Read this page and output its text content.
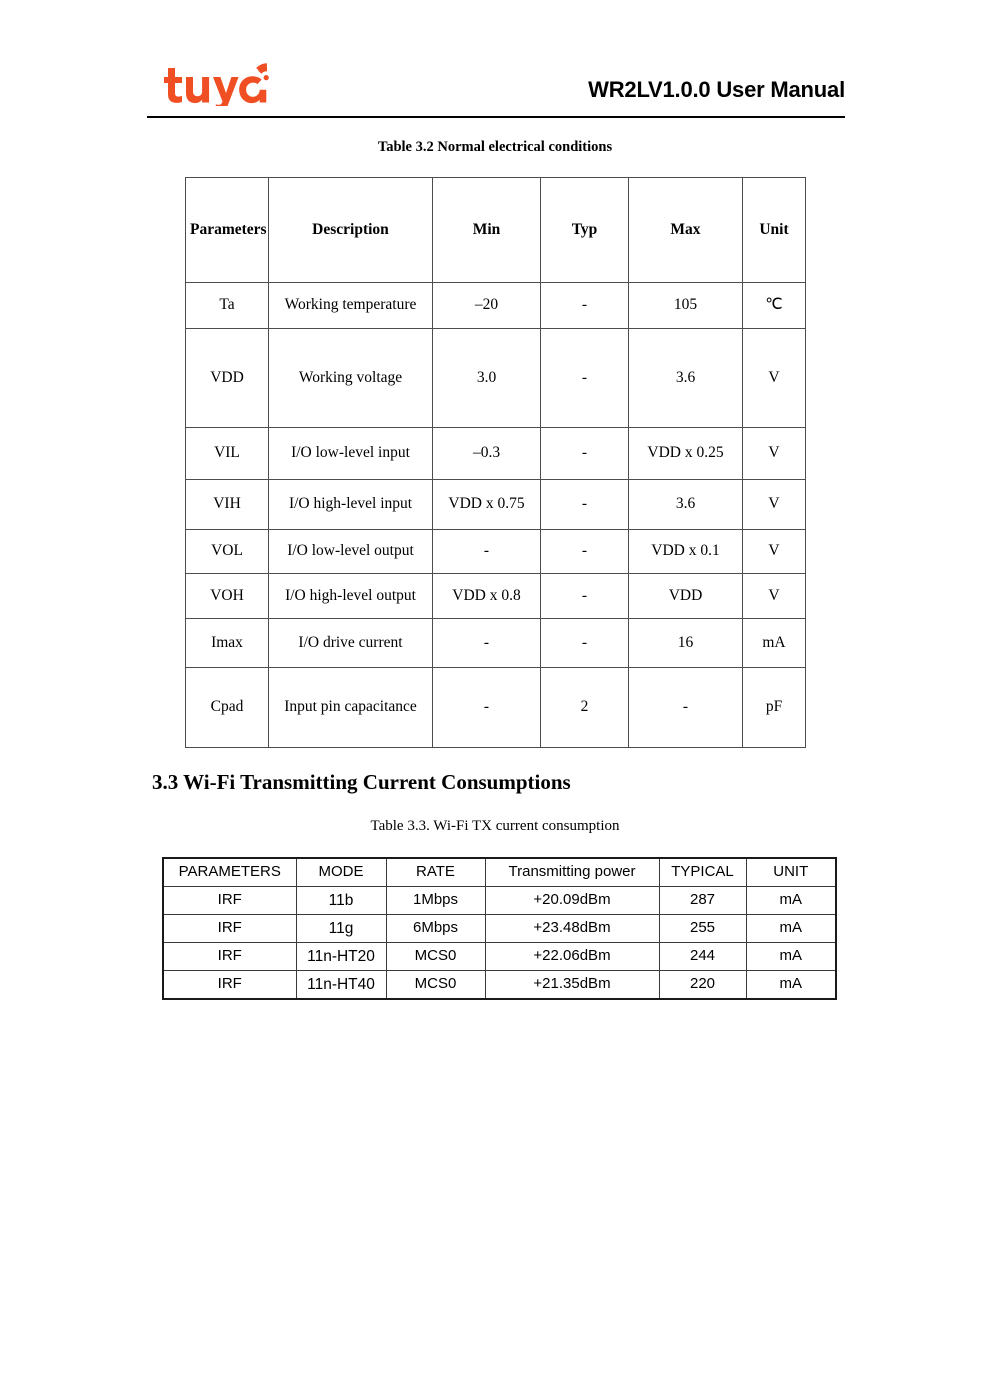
WR2LV1.0.0 User Manual
Table 3.2 Normal electrical conditions
Parameters	Description	Min	Typ	Max	Unit
Ta	Working temperature	–20	-	105	℃
VDD	Working voltage	3.0	-	3.6	V
VIL	I/O low-level input	–0.3	-	VDD x 0.25	V
VIH	I/O high-level input	VDD x 0.75	-	3.6	V
VOL	I/O low-level output	-	-	VDD x 0.1	V
VOH	I/O high-level output	VDD x 0.8	-	VDD	V
Imax	I/O drive current	-	-	16	mA
Cpad	Input pin capacitance	-	2	-	pF
3.3 Wi-Fi Transmitting Current Consumptions
Table 3.3. Wi-Fi TX current consumption
PARAMETERS	MODE	RATE	Transmitting power	TYPICAL	UNIT
IRF	11b	1Mbps	+20.09dBm	287	mA
IRF	11g	6Mbps	+23.48dBm	255	mA
IRF	11n-HT20	MCS0	+22.06dBm	244	mA
IRF	11n-HT40	MCS0	+21.35dBm	220	mA
